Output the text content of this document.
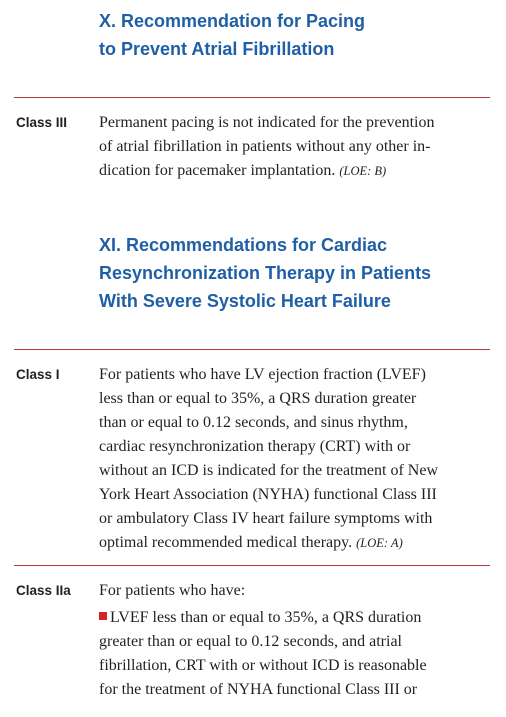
X. Recommendation for Pacing
to Prevent Atrial Fibrillation
Class III Permanent pacing is not indicated for the prevention
of atrial fibrillation in patients without any other in-
dication for pacemaker implantation. (LOE: B)

XI. Recommendations for Cardiac
Resynchronization Therapy in Patients
With Severe Systolic Heart Failure
Class I For patients who have LV ejection fraction (LVEF)
less than or equal to 35%, a QRS duration greater
than or equal to 0.12 seconds, and sinus rhythm,
cardiac resynchronization therapy (CRT) with or
without an ICD is indicated for the treatment of New
York Heart Association (NYHA) functional Class III
or ambulatory Class IV heart failure symptoms with
optimal recommended medical therapy. (LOE: A)

Class IIa For patients who have:

LVEF less than or equal to 35%, a QRS duration
greater than or equal to 0.12 seconds, and atrial
fibrillation, CRT with or without ICD is reasonable
for the treatment of NYHA functional Class III or
